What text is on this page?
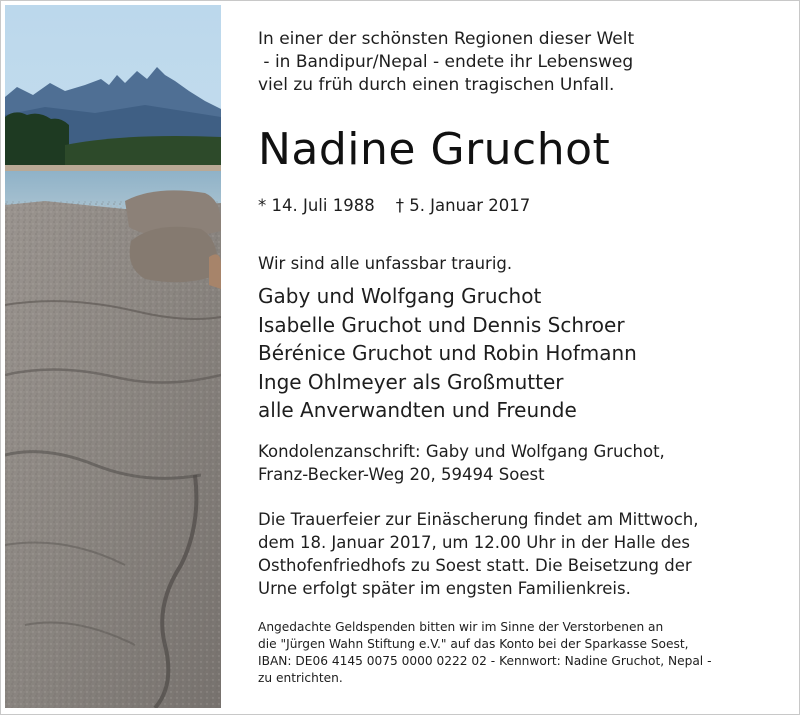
In einer der schönsten Regionen dieser Welt
- in Bandipur/Nepal - endete ihr Lebensweg
viel zu früh durch einen tragischen Unfall.
Nadine Gruchot
* 14. Juli 1988 † 5. Januar 2017
Wir sind alle unfassbar traurig.
Gaby und Wolfgang Gruchot
Isabelle Gruchot und Dennis Schroer
Bérénice Gruchot und Robin Hofmann
Inge Ohlmeyer als Großmutter
alle Anverwandten und Freunde
Kondolenzanschrift: Gaby und Wolfgang Gruchot,
Franz-Becker-Weg 20, 59494 Soest
Die Trauerfeier zur Einäscherung findet am Mittwoch,
dem 18. Januar 2017, um 12.00 Uhr in der Halle des
Osthofenfriedhofs zu Soest statt. Die Beisetzung der
Urne erfolgt später im engsten Familienkreis.
Angedachte Geldspenden bitten wir im Sinne der Verstorbenen an
die "Jürgen Wahn Stiftung e.V." auf das Konto bei der Sparkasse Soest,
IBAN: DE06 4145 0075 0000 0222 02 - Kennwort: Nadine Gruchot, Nepal -
zu entrichten.
